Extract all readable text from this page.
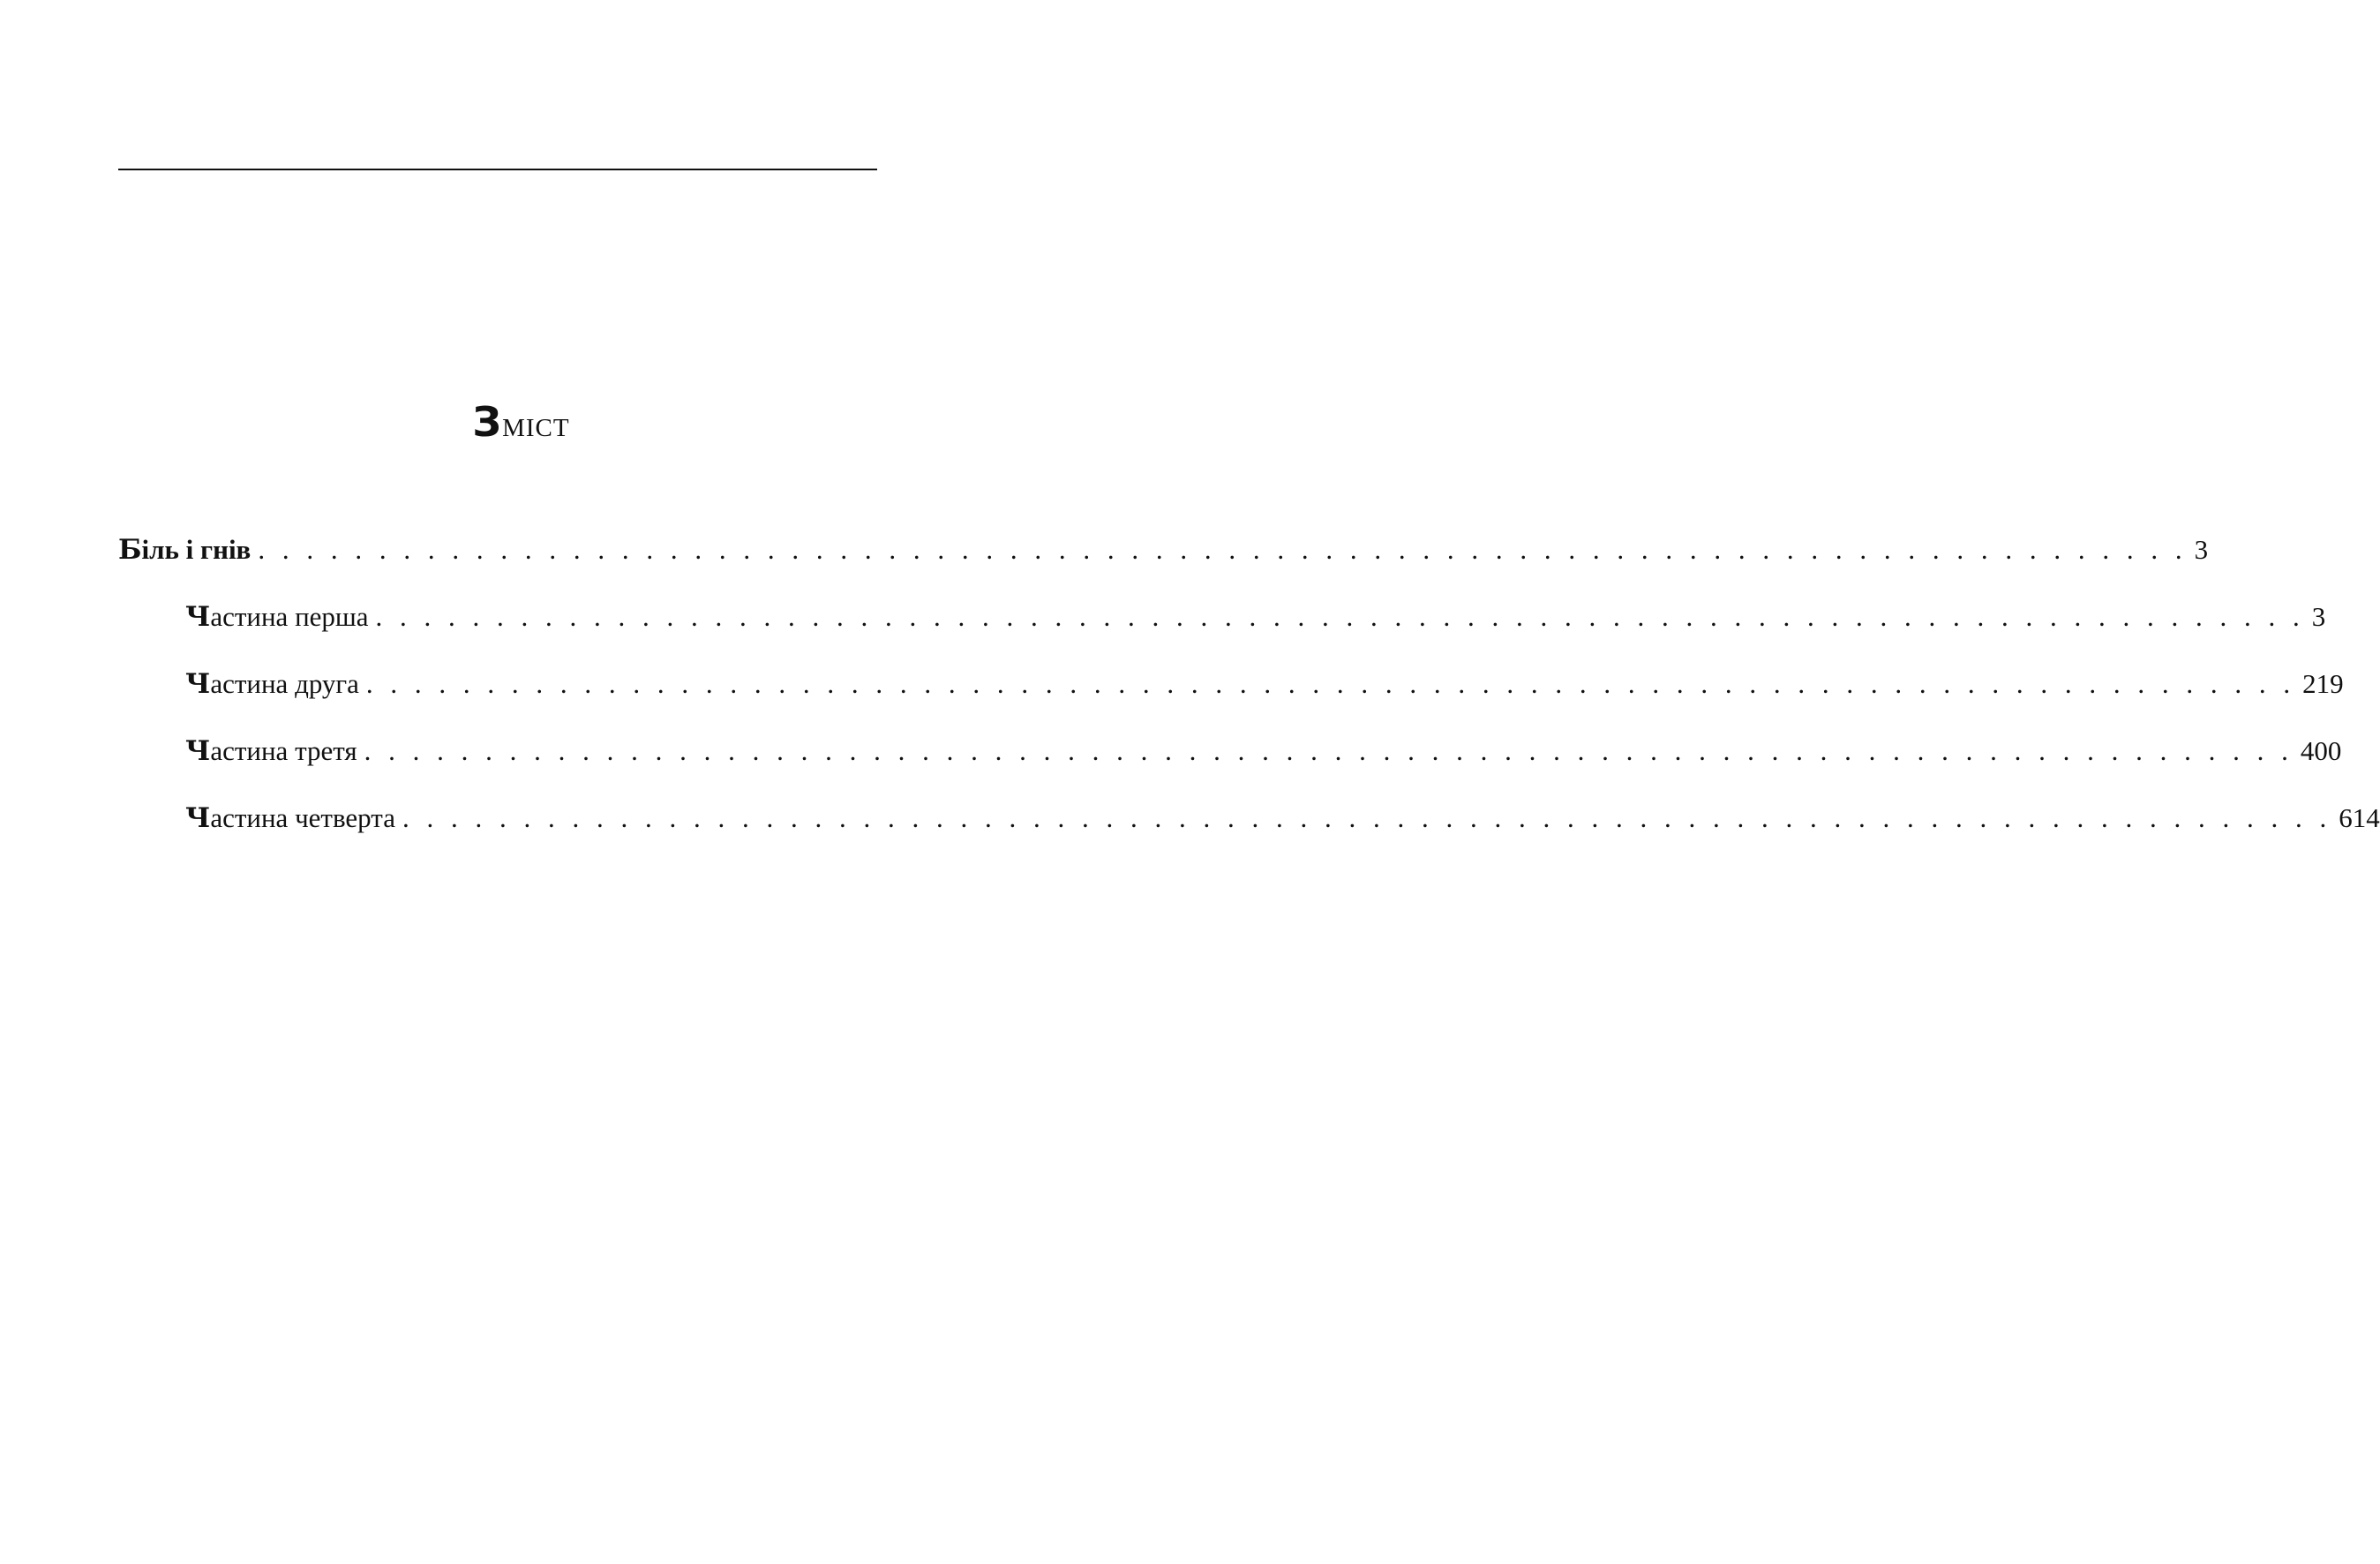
Зміст
Біль і гнів . . . . . . . . . . . . . . . . . . . . . . . . . . . . . . . . . . . . . . . . . . . . . . . . . . . . . . . . . . . . . . . . . . . . . . . . . . . . . . . . 3
Частина перша . . . . . . . . . . . . . . . . . . . . . . . . . . . . . . . . . . . . . . . . . . . . . . . . . . . . . . . . . . . . . . . . . . . . . . . . . . . . . . . . 3
Частина друга . . . . . . . . . . . . . . . . . . . . . . . . . . . . . . . . . . . . . . . . . . . . . . . . . . . . . . . . . . . . . . . . . . . . . . . . . . . . . . . . 219
Частина третя . . . . . . . . . . . . . . . . . . . . . . . . . . . . . . . . . . . . . . . . . . . . . . . . . . . . . . . . . . . . . . . . . . . . . . . . . . . . . . . . 400
Частина четверта . . . . . . . . . . . . . . . . . . . . . . . . . . . . . . . . . . . . . . . . . . . . . . . . . . . . . . . . . . . . . . . . . . . . . . . . . . . . . . . . 614
